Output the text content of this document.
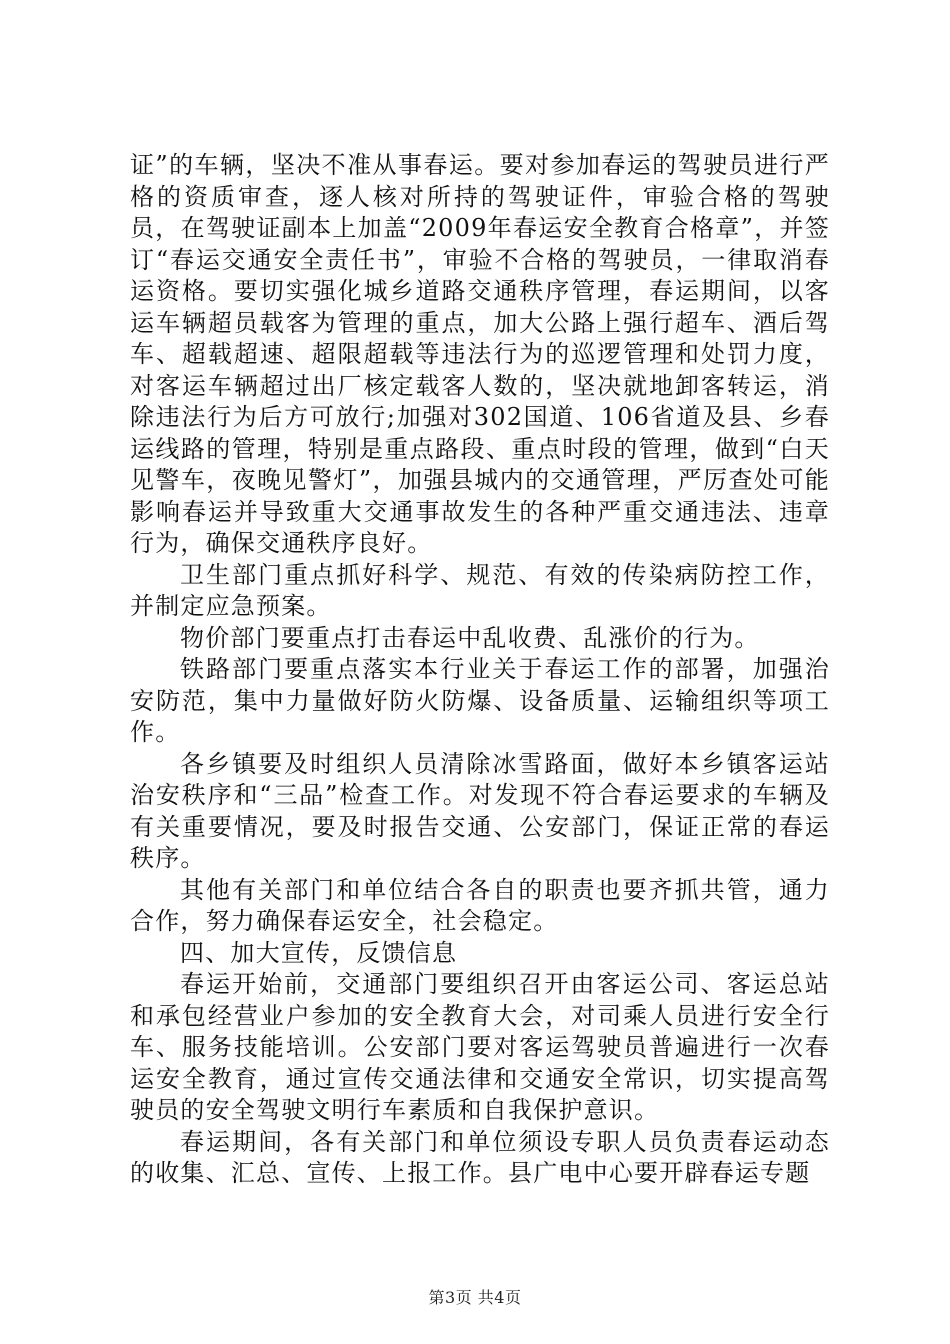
证”的车辆，坚决不准从事春运。要对参加春运的驾驶员进行严格的资质审查，逐人核对所持的驾驶证件，审验合格的驾驶员，在驾驶证副本上加盖“2009年春运安全教育合格章”，并签订“春运交通安全责任书”，审验不合格的驾驶员，一律取消春运资格。要切实强化城乡道路交通秩序管理，春运期间，以客运车辆超员载客为管理的重点，加大公路上强行超车、酒后驾车、超载超速、超限超载等违法行为的巡逻管理和处罚力度，对客运车辆超过出厂核定载客人数的，坚决就地卸客转运，消除违法行为后方可放行;加强对302国道、106省道及县、乡春运线路的管理，特别是重点路段、重点时段的管理，做到“白天见警车，夜晚见警灯”，加强县城内的交通管理，严厉查处可能影响春运并导致重大交通事故发生的各种严重交通违法、违章行为，确保交通秩序良好。

卫生部门重点抓好科学、规范、有效的传染病防控工作，并制定应急预案。

物价部门要重点打击春运中乱收费、乱涨价的行为。

铁路部门要重点落实本行业关于春运工作的部署，加强治安防范，集中力量做好防火防爆、设备质量、运输组织等项工作。

各乡镇要及时组织人员清除冰雪路面，做好本乡镇客运站治安秩序和“三品”检查工作。对发现不符合春运要求的车辆及有关重要情况，要及时报告交通、公安部门，保证正常的春运秩序。

其他有关部门和单位结合各自的职责也要齐抓共管，通力合作，努力确保春运安全，社会稳定。

四、加大宣传，反馈信息

春运开始前，交通部门要组织召开由客运公司、客运总站和承包经营业户参加的安全教育大会，对司乘人员进行安全行车、服务技能培训。公安部门要对客运驾驶员普遍进行一次春运安全教育，通过宣传交通法律和交通安全常识，切实提高驾驶员的安全驾驶文明行车素质和自我保护意识。

春运期间，各有关部门和单位须设专职人员负责春运动态的收集、汇总、宣传、上报工作。县广电中心要开辟春运专题

第3页 共4页
